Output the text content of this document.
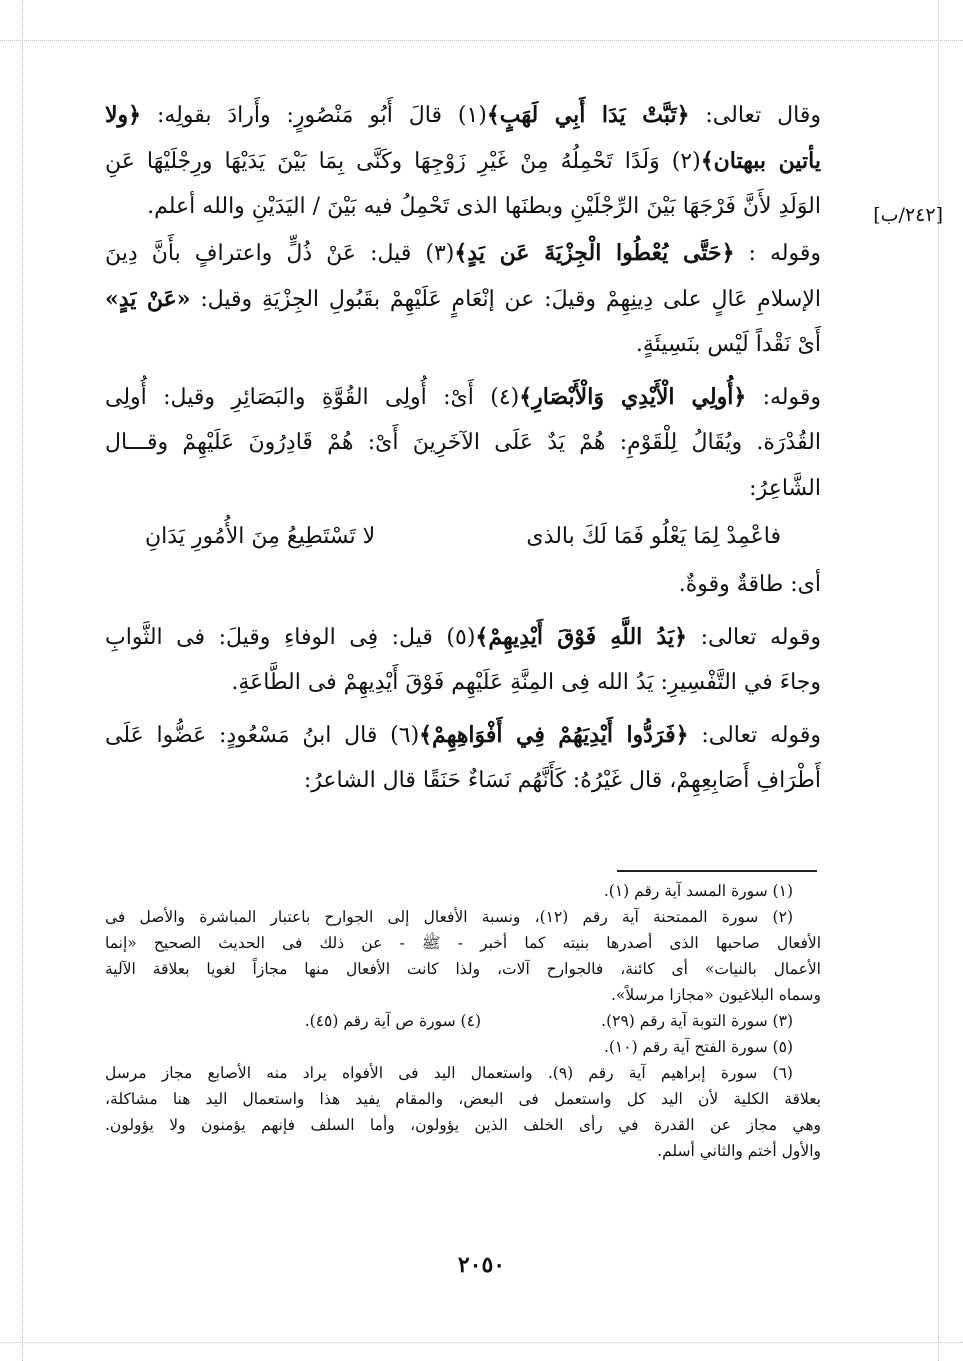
[٢٤٢/ب]
وقال تعالى: ﴿تَبَّتْ يَدَا أَبِي لَهَبٍ﴾(١) قالَ أَبُو مَنْصُورٍ: وأَرادَ بقولِه: ﴿ولا
يأتين ببهتان﴾(٢) وَلَدًا تَحْمِلُهُ مِنْ غَيْرِ زَوْجِهَا وكَنَّى بِمَا بَيْنَ يَدَيْهَا ورِجْلَيْهَا عَنِ
الوَلَدِ لأَنَّ فَرْجَهَا بَيْنَ الرِّجْلَيْنِ وبطنَها الذى تَحْمِلُ فيه بَيْنَ / اليَدَيْنِ والله أعلم.
وقوله : ﴿حَتَّى يُعْطُوا الْجِزْيَةَ عَن يَدٍ﴾(٣) قيل: عَنْ ذُلٍّ واعترافٍ بأَنَّ دِينَ
الإسلامِ عَالٍ على دِينِهِمْ وقيلَ: عن إنْعَامٍ عَلَيْهِمْ بقَبُولِ الجِزْيَةِ وقيل: «عَنْ يَدٍ»
أَىْ نَقْداً لَيْس بنَسِيئَةٍ.
وقوله: ﴿أُولِي الْأَيْدِي وَالْأَبْصَارِ﴾(٤) أَىْ: أُولِى القُوَّةِ والبَصَائِرِ وقيل: أُولِى
القُدْرَة. ويُقَالُ لِلْقَوْمِ: هُمْ يَدٌ عَلَى الآخَرِينَ أَىْ: هُمْ قَادِرُونَ عَلَيْهِمْ وقـــال
الشَّاعِرُ:
فاعْمِدْ لِمَا يَعْلُو فَمَا لَكَ بالذى
لا تَسْتَطِيعُ مِنَ الأُمُورِ يَدَانِ
أى: طاقةٌ وقوةٌ.
وقوله تعالى: ﴿يَدُ اللَّهِ فَوْقَ أَيْدِيهِمْ﴾(٥) قيل: فِى الوفاءِ وقيلَ: فى الثَّوابِ
وجاءَ في التَّفْسِيرِ: يَدُ الله فِى المِنَّةِ عَلَيْهِم فَوْقَ أَيْدِيهِمْ فى الطَّاعَةِ.
وقوله تعالى: ﴿فَرَدُّوا أَيْدِيَهُمْ فِي أَفْوَاهِهِمْ﴾(٦) قال ابنُ مَسْعُودٍ: عَضُّوا عَلَى
أَطْرَافِ أَصَابِعِهِمْ، قال غَيْرُهُ: كَأَنَّهُم نَسَاءٌ حَنَقًا قال الشاعرُ:
(١) سورة المسد آية رقم (١).
(٢) سورة الممتحنة آية رقم (١٢)، ونسبة الأفعال إلى الجوارح باعتبار المباشرة والأصل فى
الأفعال صاحبها الذى أصدرها بنيته كما أخبر - ﷺ - عن ذلك فى الحديث الصحيح «إنما
الأعمال بالنيات» أى كائنة، فالجوارح آلات، ولذا كانت الأفعال منها مجازاً لغويا بعلاقة الآلية
وسماه البلاغيون «مجازا مرسلاً».
(٣) سورة التوبة آية رقم (٢٩).
(٤) سورة ص آية رقم (٤٥).
(٥) سورة الفتح آية رقم (١٠).
(٦) سورة إبراهيم آية رقم (٩). واستعمال اليد فى الأفواه يراد منه الأصابع مجاز مرسل
بعلاقة الكلية لأن اليد كل واستعمل فى البعض، والمقام يفيد هذا واستعمال اليد هنا مشاكلة،
وهي مجاز عن القدرة في رأى الخلف الذين يؤولون، وأما السلف فإنهم يؤمنون ولا يؤولون.
والأول أختم والثاني أسلم.
٢٠٥٠
